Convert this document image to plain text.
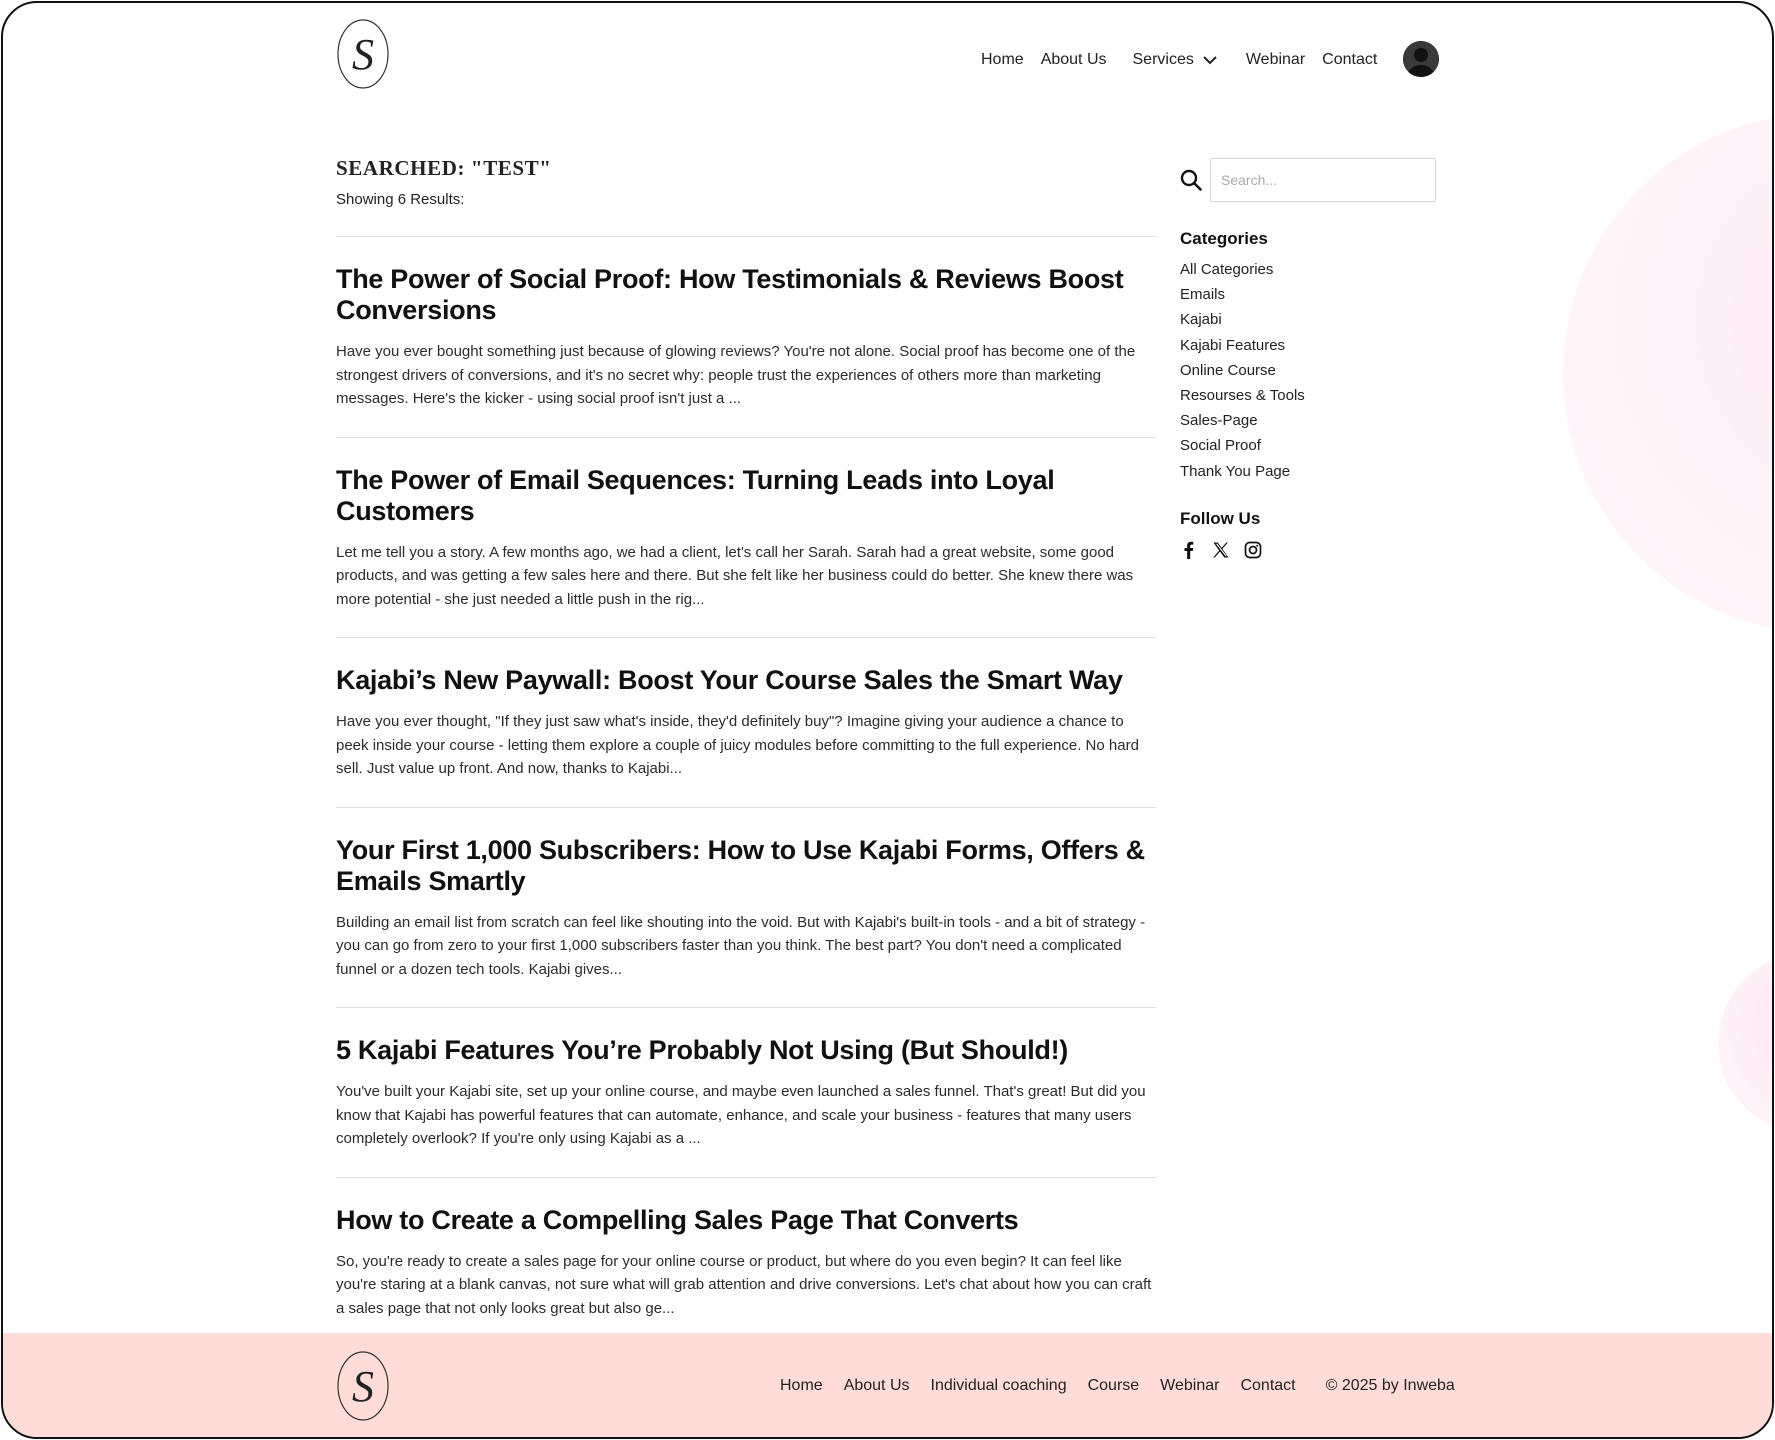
S	Home About Us Services	Webinar Contact
SEARCHED: "TEST"

Showing 6 Results:

The Power of Social Proof: How Testimonials & Reviews Boost Conversions

Have you ever bought something just because of glowing reviews? You're not alone. Social proof has become one of the strongest drivers of conversions, and it's no secret why: people trust the experiences of others more than marketing messages. Here's the kicker - using social proof isn't just a ...

The Power of Email Sequences: Turning Leads into Loyal Customers

Let me tell you a story. A few months ago, we had a client, let's call her Sarah. Sarah had a great website, some good products, and was getting a few sales here and there. But she felt like her business could do better. She knew there was more potential - she just needed a little push in the rig...

Kajabi’s New Paywall: Boost Your Course Sales the Smart Way

Have you ever thought, "If they just saw what's inside, they'd definitely buy"? Imagine giving your audience a chance to peek inside your course - letting them explore a couple of juicy modules before committing to the full experience. No hard sell. Just value up front. And now, thanks to Kajabi...

Your First 1,000 Subscribers: How to Use Kajabi Forms, Offers & Emails Smartly

Building an email list from scratch can feel like shouting into the void. But with Kajabi's built-in tools - and a bit of strategy - you can go from zero to your first 1,000 subscribers faster than you think. The best part? You don't need a complicated funnel or a dozen tech tools. Kajabi gives...

5 Kajabi Features You’re Probably Not Using (But Should!)

You've built your Kajabi site, set up your online course, and maybe even launched a sales funnel. That's great! But did you know that Kajabi has powerful features that can automate, enhance, and scale your business - features that many users completely overlook? If you're only using Kajabi as a ...

How to Create a Compelling Sales Page That Converts

So, you're ready to create a sales page for your online course or product, but where do you even begin? It can feel like you're staring at a blank canvas, not sure what will grab attention and drive conversions. Let's chat about how you can craft a sales page that not only looks great but also ge...

Search...
Categories
All Categories
Emails
Kajabi
Kajabi Features
Online Course
Resourses & Tools
Sales-Page
Social Proof
Thank You Page
Follow Us
S	Home About Us Individual coaching Course Webinar Contact © 2025 by Inweba
